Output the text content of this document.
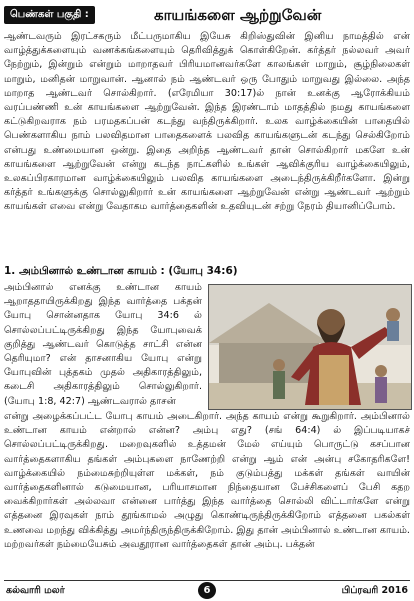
பெண்கள் பகுதி :	காயங்களை ஆற்றுவேன்

ஆண்டவரும் இரட்சகரும் மீட்பருமாகிய இயேசு கிறிஸ்துவின் இனிய நாமத்தில் என் வாழ்த்துக்களையும் வணக்கங்களையும் தெரிவித்துக் கொள்கிறேன். கர்த்தர் நல்லவர் அவர் நேற்றும், இன்றும் என்றும் மாறாதவர் பிரியமானவர்களே காலங்கள் மாறும், சூழ்நிலைகள் மாறும், மனிதன் மாறுவான். ஆனால் நம் ஆண்டவர் ஒரு போதும் மாறுவது இல்லை. அந்த மாறாத ஆண்டவர் சொல்கிறார். (எரேமியா 30:17)ல் நான் உனக்கு ஆரோக்கியம் வரப்பண்ணி உன் காயங்களை ஆற்றுவேன். இந்த இரண்டாம் மாதத்தில் நமது காயங்களை கட்டுகிறவராக நம் பரமதகப்பன் கடந்து வந்திருக்கிறார். உலக வாழ்க்கையின் பாதையில் பெண்களாகிய நாம் பலவிதமான பாதைகளைக் பலவித காயங்களுடன் கடந்து செல்கிறோம் என்பது உண்மையான ஒன்று. இதை அறிந்த ஆண்டவர் தான் சொல்கிறார் மகளே உன் காயங்களை ஆற்றுவேன் என்று கடந்த நாட்களில் உங்கள் ஆவிக்குரிய வாழ்க்கையிலும், உலகப்பிரகாரமான வாழ்க்கையிலும் பலவித காயங்களை அடைந்திருக்கிறீர்களோ. இன்று கர்த்தர் உங்களுக்கு சொல்லுகிறார் உன் காயங்களை ஆற்றுவேன் என்று ஆண்டவர் ஆற்றும் காயங்கள் எவை என்று வேதாகம வார்த்தைகளின் உதவியுடன் சற்று நேரம் தியானிப்போம்.

1. அம்பினால் உண்டான காயம் : (யோபு 34:6)

அம்பினால் எனக்கு உண்டான காயம் ஆறாததாயிருக்கிறது இந்த வார்த்தை பக்தன் யோபு சொன்னதாக யோபு 34:6 ல் சொல்லப்பட்டிருக்கிறது இந்த யோபுவைக் குறித்து ஆண்டவர் கொடுத்த சாட்சி என்ன தெரியுமா? என் தாசனாகிய யோபு என்று யோபுவின் புத்தகம் முதல் அதிகாரத்திலும், கடைசி அதிகாரத்திலும் சொல்லுகிறார். (யோபு 1:8, 42:7) ஆண்டவரால் தாசன்

என்று அழைக்கப்பட்ட யோபு காயம் அடைகிறார். அந்த காயம் என்று கூறுகிறார். அம்பினால் உண்டான காயம் என்றால் என்ன? அம்பு எது? (சங் 64:4) ல் இப்படியாகச் சொல்லப்பட்டிருக்கிறது. மறைவுகளில் உத்தமன் மேல் எய்யும் பொருட்டு கசப்பான வார்த்தைகளாகிய தங்கள் அம்புகளை நாணேற்றி என்று ஆம் என் அன்பு சகோதரிகளே! வாழ்க்கையில் நம்மைசுற்றியுள்ள மக்கள், நம் குடும்பத்து மக்கள் தங்கள் வாயின் வார்த்தைகளினால் கடுமையான, பரியாசமான நிந்தையான பேச்சிகளைப் பேசி கதற வைக்கிறார்கள் அல்லவா என்னை பார்த்து இந்த வார்த்தை சொல்லி விட்டார்களே என்று எத்தனை இரவுகள் நாம் தூங்காமல் அழுது கொண்டிருந்திருக்கிறோம் எத்தனை பகல்கள் உணவை மறந்து விக்கித்து அமர்ந்திருந்திருக்கிறோம். இது தான் அம்பினால் உண்டான காயம். மற்றவர்கள் நம்மையேசும் அவதூரான வார்த்தைகள் தான் அம்பு. பக்தன்

கல்வாரி மலர்	6	பிப்ரவரி 2016
